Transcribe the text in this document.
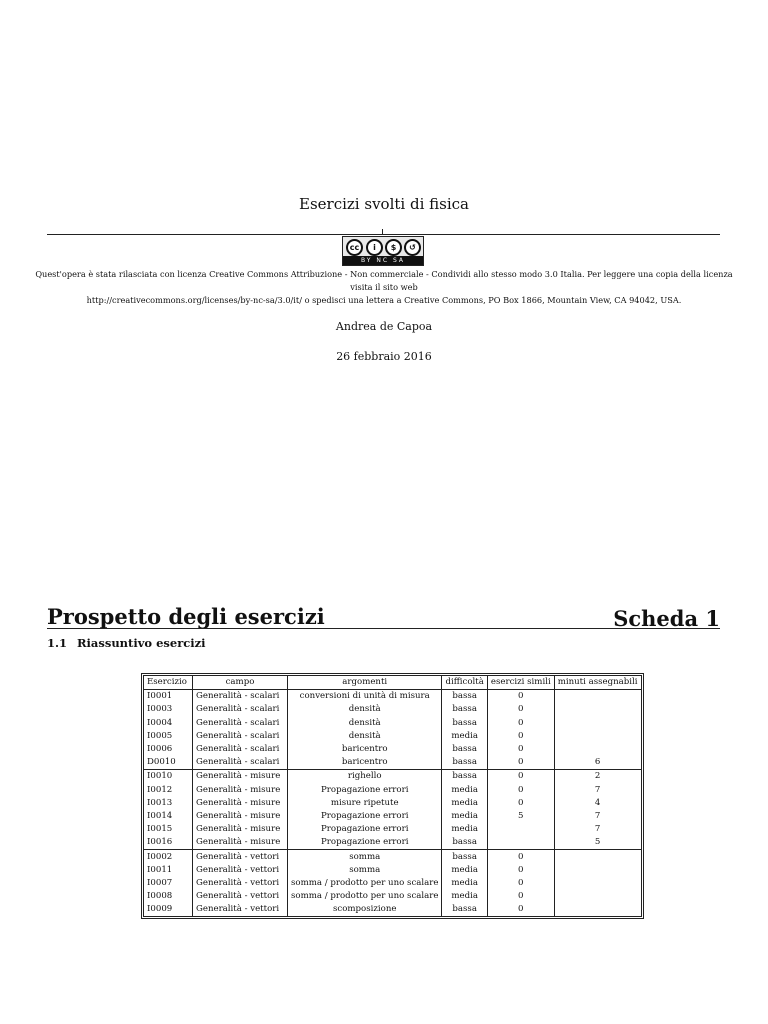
Esercizi svolti di fisica
cc	i	$	↺
BY NC SA
Quest'opera è stata rilasciata con licenza Creative Commons Attribuzione - Non commerciale - Condividi allo stesso modo 3.0 Italia. Per leggere una copia della licenza visita il sito web
http://creativecommons.org/licenses/by-nc-sa/3.0/it/ o spedisci una lettera a Creative Commons, PO Box 1866, Mountain View, CA 94042, USA.
Andrea de Capoa
26 febbraio 2016
Prospetto degli esercizi	Scheda 1
1.1 Riassuntivo esercizi
Esercizio	campo	argomenti	difficoltà	esercizi simili	minuti assegnabili
I0001	Generalità - scalari	conversioni di unità di misura	bassa	0	
I0003	Generalità - scalari	densità	bassa	0	
I0004	Generalità - scalari	densità	bassa	0	
I0005	Generalità - scalari	densità	media	0	
I0006	Generalità - scalari	baricentro	bassa	0	
D0010	Generalità - scalari	baricentro	bassa	0	6
I0010	Generalità - misure	righello	bassa	0	2
I0012	Generalità - misure	Propagazione errori	media	0	7
I0013	Generalità - misure	misure ripetute	media	0	4
I0014	Generalità - misure	Propagazione errori	media	5	7
I0015	Generalità - misure	Propagazione errori	media		7
I0016	Generalità - misure	Propagazione errori	bassa		5
I0002	Generalità - vettori	somma	bassa	0	
I0011	Generalità - vettori	somma	media	0	
I0007	Generalità - vettori	somma / prodotto per uno scalare	media	0	
I0008	Generalità - vettori	somma / prodotto per uno scalare	media	0	
I0009	Generalità - vettori	scomposizione	bassa	0	
